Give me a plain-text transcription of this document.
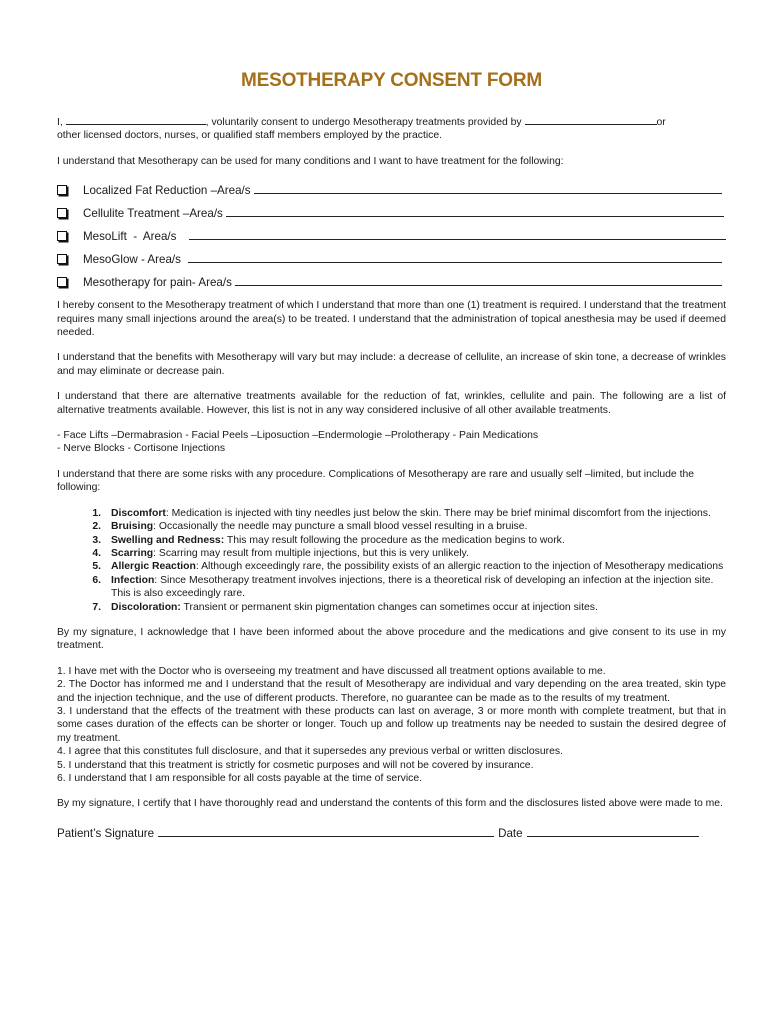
MESOTHERAPY CONSENT FORM

I,	, voluntarily consent to undergo Mesotherapy treatments provided by	or
other licensed doctors, nurses, or qualified staff members employed by the practice.

I understand that Mesotherapy can be used for many conditions and I want to have treatment for the following:

Localized Fat Reduction –Area/s
Cellulite Treatment –Area/s
MesoLift  -  Area/s
MesoGlow - Area/s
Mesotherapy for pain- Area/s

I hereby consent to the Mesotherapy treatment of which I understand that more than one (1) treatment is required. I understand that the treatment requires many small injections around the area(s) to be treated. I understand that the administration of topical anesthesia may be used if deemed needed.

I understand that the benefits with Mesotherapy will vary but may include: a decrease of cellulite, an increase of skin tone, a decrease of wrinkles and may eliminate or decrease pain.

I understand that there are alternative treatments available for the reduction of fat, wrinkles, cellulite and pain. The following are a list of alternative treatments available. However, this list is not in any way considered inclusive of all other available treatments.

- Face Lifts –Dermabrasion - Facial Peels –Liposuction –Endermologie –Prolotherapy - Pain Medications

- Nerve Blocks - Cortisone Injections

I understand that there are some risks with any procedure. Complications of Mesotherapy are rare and usually self –limited, but include the following:

1. Discomfort: Medication is injected with tiny needles just below the skin. There may be brief minimal discomfort from the injections.
2. Bruising: Occasionally the needle may puncture a small blood vessel resulting in a bruise.
3. Swelling and Redness: This may result following the procedure as the medication begins to work.
4. Scarring: Scarring may result from multiple injections, but this is very unlikely.
5. Allergic Reaction: Although exceedingly rare, the possibility exists of an allergic reaction to the injection of Mesotherapy medications
6. Infection: Since Mesotherapy treatment involves injections, there is a theoretical risk of developing an infection at the injection site. This is also exceedingly rare.
7. Discoloration: Transient or permanent skin pigmentation changes can sometimes occur at injection sites.

By my signature, I acknowledge that I have been informed about the above procedure and the medications and give consent to its use in my treatment.

1. I have met with the Doctor who is overseeing my treatment and have discussed all treatment options available to me.

2. The Doctor has informed me and I understand that the result of Mesotherapy are individual and vary depending on the area treated, skin type and the injection technique, and the use of different products. Therefore, no guarantee can be made as to the results of my treatment.

3. I understand that the effects of the treatment with these products can last on average, 3 or more month with complete treatment, but that in some cases duration of the effects can be shorter or longer. Touch up and follow up treatments nay be needed to sustain the desired degree of my treatment.

4. I agree that this constitutes full disclosure, and that it supersedes any previous verbal or written disclosures.

5. I understand that this treatment is strictly for cosmetic purposes and will not be covered by insurance.

6. I understand that I am responsible for all costs payable at the time of service.

By my signature, I certify that I have thoroughly read and understand the contents of this form and the disclosures listed above were made to me.

Patient’s Signature	Date
